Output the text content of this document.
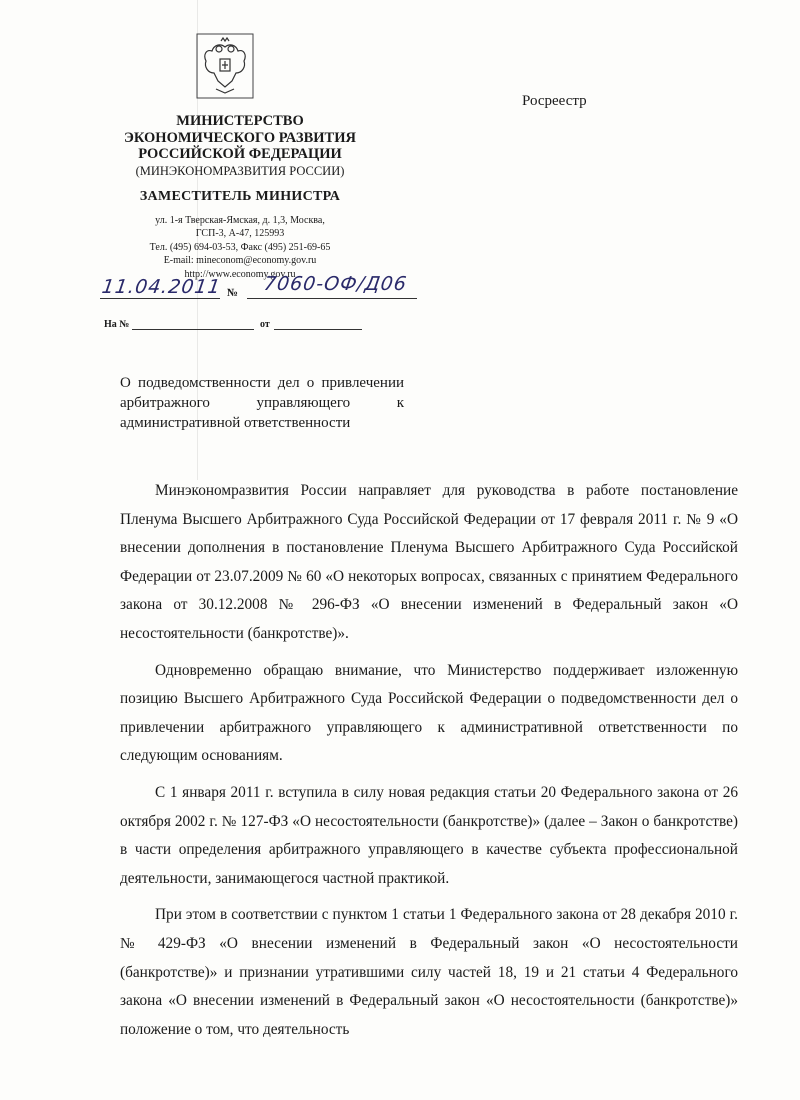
МИНИСТЕРСТВО
ЭКОНОМИЧЕСКОГО РАЗВИТИЯ
РОССИЙСКОЙ ФЕДЕРАЦИИ
(МИНЭКОНОМРАЗВИТИЯ РОССИИ)
ЗАМЕСТИТЕЛЬ МИНИСТРА
ул. 1-я Тверская-Ямская, д. 1,3, Москва,
ГСП-3, А-47, 125993
Тел. (495) 694-03-53, Факс (495) 251-69-65
E-mail: mineconom@economy.gov.ru
http://www.economy.gov.ru
11.04.2011 № 7060-ОФ/Д06
На №	от
Росреестр
О подведомственности дел о привлечении арбитражного управляющего к административной ответственности

Минэкономразвития России направляет для руководства в работе постановление Пленума Высшего Арбитражного Суда Российской Федерации от 17 февраля 2011 г. № 9 «О внесении дополнения в постановление Пленума Высшего Арбитражного Суда Российской Федерации от 23.07.2009 № 60 «О некоторых вопросах, связанных с принятием Федерального закона от 30.12.2008 № 296-ФЗ «О внесении изменений в Федеральный закон «О несостоятельности (банкротстве)».

Одновременно обращаю внимание, что Министерство поддерживает изложенную позицию Высшего Арбитражного Суда Российской Федерации о подведомственности дел о привлечении арбитражного управляющего к административной ответственности по следующим основаниям.

С 1 января 2011 г. вступила в силу новая редакция статьи 20 Федерального закона от 26 октября 2002 г. № 127-ФЗ «О несостоятельности (банкротстве)» (далее – Закон о банкротстве) в части определения арбитражного управляющего в качестве субъекта профессиональной деятельности, занимающегося частной практикой.

При этом в соответствии с пунктом 1 статьи 1 Федерального закона от 28 декабря 2010 г. № 429-ФЗ «О внесении изменений в Федеральный закон «О несостоятельности (банкротстве)» и признании утратившими силу частей 18, 19 и 21 статьи 4 Федерального закона «О внесении изменений в Федеральный закон «О несостоятельности (банкротстве)» положение о том, что деятельность
